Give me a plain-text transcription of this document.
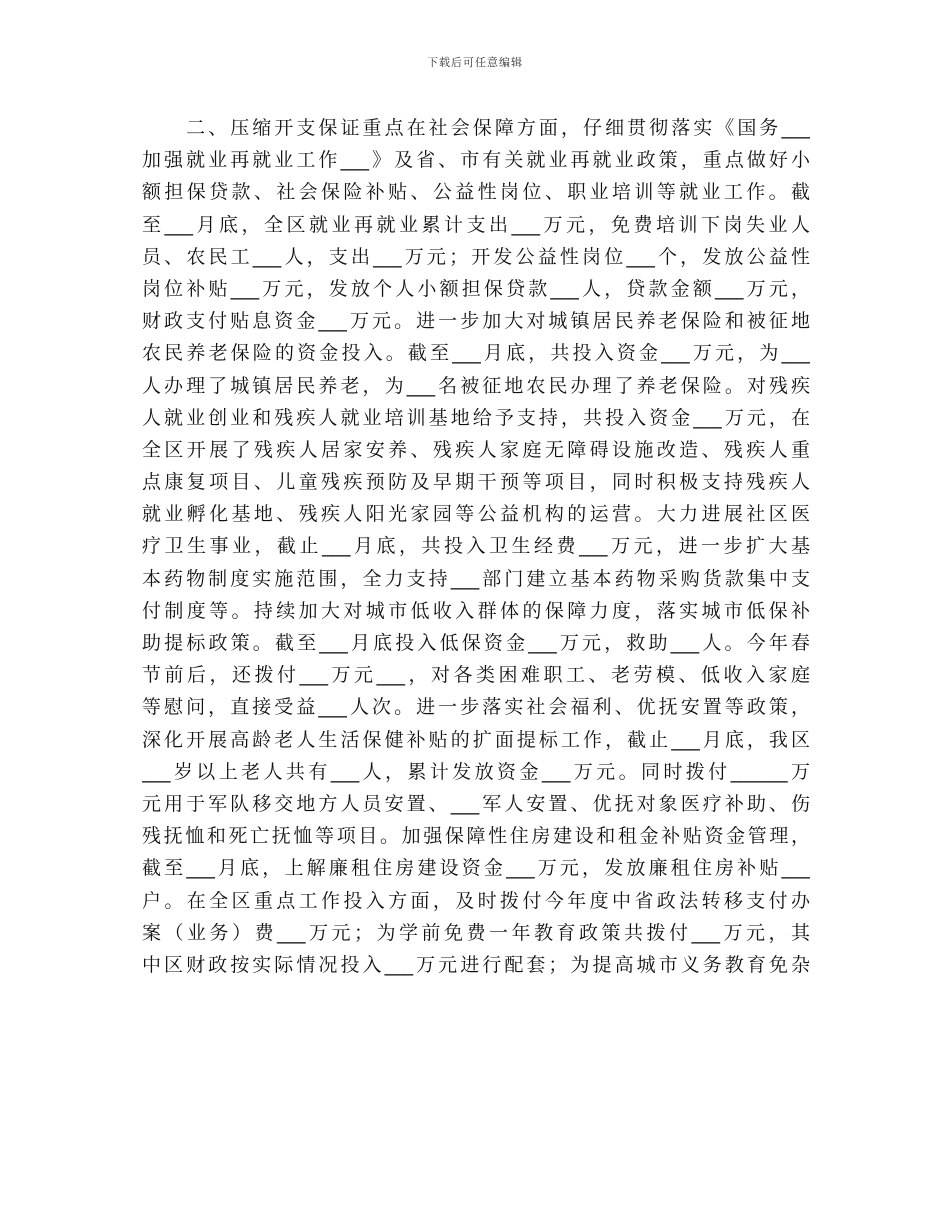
下载后可任意编辑
　　二、压缩开支保证重点在社会保障方面，仔细贯彻落实《国务___
加强就业再就业工作___》及省、市有关就业再就业政策，重点做好小
额担保贷款、社会保险补贴、公益性岗位、职业培训等就业工作。截
至___月底，全区就业再就业累计支出___万元，免费培训下岗失业人
员、农民工___人，支出___万元；开发公益性岗位___个，发放公益性
岗位补贴___万元，发放个人小额担保贷款___人，贷款金额___万元，
财政支付贴息资金___万元。进一步加大对城镇居民养老保险和被征地
农民养老保险的资金投入。截至___月底，共投入资金___万元，为___
人办理了城镇居民养老，为___名被征地农民办理了养老保险。对残疾
人就业创业和残疾人就业培训基地给予支持，共投入资金___万元，在
全区开展了残疾人居家安养、残疾人家庭无障碍设施改造、残疾人重
点康复项目、儿童残疾预防及早期干预等项目，同时积极支持残疾人
就业孵化基地、残疾人阳光家园等公益机构的运营。大力进展社区医
疗卫生事业，截止___月底，共投入卫生经费___万元，进一步扩大基
本药物制度实施范围，全力支持___部门建立基本药物采购货款集中支
付制度等。持续加大对城市低收入群体的保障力度，落实城市低保补
助提标政策。截至___月底投入低保资金___万元，救助___人。今年春
节前后，还拨付___万元___，对各类困难职工、老劳模、低收入家庭
等慰问，直接受益___人次。进一步落实社会福利、优抚安置等政策，
深化开展高龄老人生活保健补贴的扩面提标工作，截止___月底，我区
___岁以上老人共有___人，累计发放资金___万元。同时拨付______万
元用于军队移交地方人员安置、___军人安置、优抚对象医疗补助、伤
残抚恤和死亡抚恤等项目。加强保障性住房建设和租金补贴资金管理，
截至___月底，上解廉租住房建设资金___万元，发放廉租住房补贴___
户。在全区重点工作投入方面，及时拨付今年度中省政法转移支付办
案（业务）费___万元；为学前免费一年教育政策共拨付___万元，其
中区财政按实际情况投入___万元进行配套；为提高城市义务教育免杂
